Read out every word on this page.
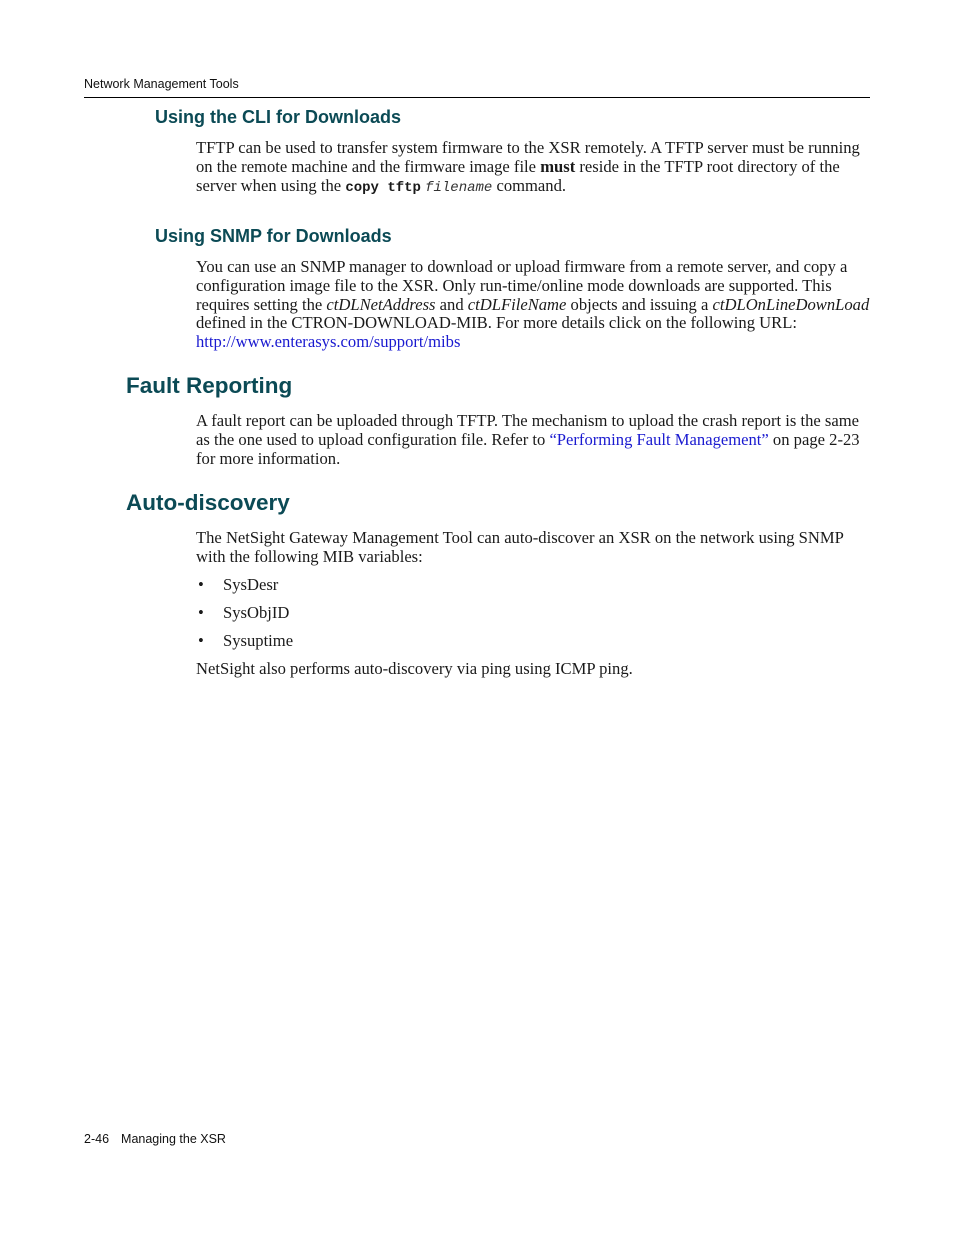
Network Management Tools

Using the CLI for Downloads

TFTP can be used to transfer system firmware to the XSR remotely. A TFTP server must be running on the remote machine and the firmware image file must reside in the TFTP root directory of the server when using the copy tftp filename command.

Using SNMP for Downloads

You can use an SNMP manager to download or upload firmware from a remote server, and copy a configuration image file to the XSR. Only run-time/online mode downloads are supported. This requires setting the ctDLNetAddress and ctDLFileName objects and issuing a ctDLOnLineDownLoad defined in the CTRON-DOWNLOAD-MIB. For more details click on the following URL:
http://www.enterasys.com/support/mibs

Fault Reporting

A fault report can be uploaded through TFTP. The mechanism to upload the crash report is the same as the one used to upload configuration file. Refer to “Performing Fault Management” on page 2-23 for more information.

Auto-discovery

The NetSight Gateway Management Tool can auto-discover an XSR on the network using SNMP with the following MIB variables:

• SysDesr
• SysObjID
• Sysuptime

NetSight also performs auto-discovery via ping using ICMP ping.

2-46 Managing the XSR
